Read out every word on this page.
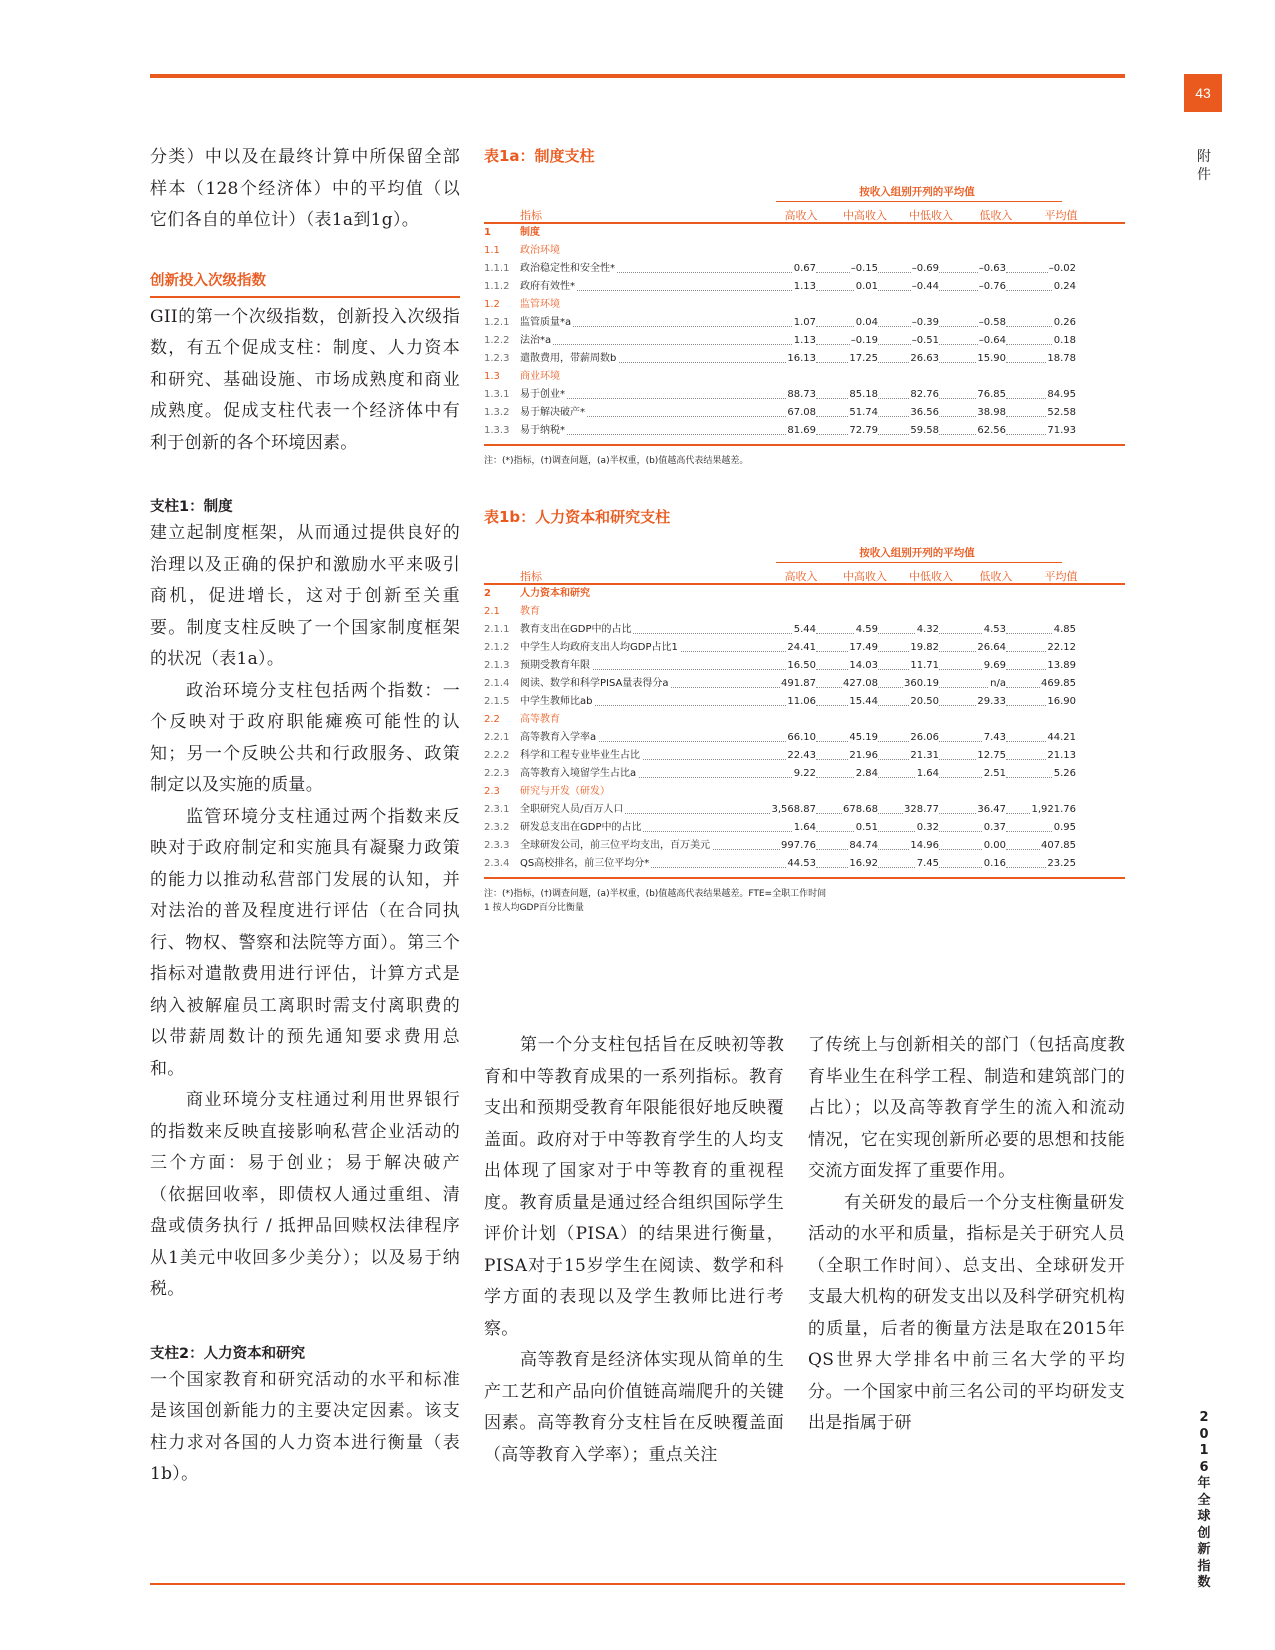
43
附
件

分类）中以及在最终计算中所保留全部样本（128个经济体）中的平均值（以它们各自的单位计）（表1a到1g）。

创新投入次级指数

GII的第一个次级指数，创新投入次级指数，有五个促成支柱：制度、人力资本和研究、基础设施、市场成熟度和商业成熟度。促成支柱代表一个经济体中有利于创新的各个环境因素。

支柱1：制度

建立起制度框架，从而通过提供良好的治理以及正确的保护和激励水平来吸引商机，促进增长，这对于创新至关重要。制度支柱反映了一个国家制度框架的状况（表1a）。

政治环境分支柱包括两个指数：一个反映对于政府职能瘫痪可能性的认知；另一个反映公共和行政服务、政策制定以及实施的质量。

监管环境分支柱通过两个指数来反映对于政府制定和实施具有凝聚力政策的能力以推动私营部门发展的认知，并对法治的普及程度进行评估（在合同执行、物权、警察和法院等方面）。第三个指标对遣散费用进行评估，计算方式是纳入被解雇员工离职时需支付离职费的以带薪周数计的预先通知要求费用总和。

商业环境分支柱通过利用世界银行的指数来反映直接影响私营企业活动的三个方面：易于创业；易于解决破产（依据回收率，即债权人通过重组、清盘或债务执行 / 抵押品回赎权法律程序从1美元中收回多少美分）；以及易于纳税。

支柱2：人力资本和研究

一个国家教育和研究活动的水平和标准是该国创新能力的主要决定因素。该支柱力求对各国的人力资本进行衡量（表1b）。

表1a：制度支柱
按收入组别开列的平均值
指标	高收入	中高收入	中低收入	低收入	平均值
1	制度
1.1	政治环境
1.1.1	政治稳定性和安全性*	0.67	–0.15	–0.69	–0.63	–0.02
1.1.2	政府有效性*	1.13	0.01	–0.44	–0.76	0.24
1.2	监管环境
1.2.1	监管质量*a	1.07	0.04	–0.39	–0.58	0.26
1.2.2	法治*a	1.13	–0.19	–0.51	–0.64	0.18
1.2.3	遣散费用，带薪周数b	16.13	17.25	26.63	15.90	18.78
1.3	商业环境
1.3.1	易于创业*	88.73	85.18	82.76	76.85	84.95
1.3.2	易于解决破产*	67.08	51.74	36.56	38.98	52.58
1.3.3	易于纳税*	81.69	72.79	59.58	62.56	71.93
注：(*)指标，(†)调查问题，(a)半权重，(b)值越高代表结果越差。
表1b：人力资本和研究支柱
按收入组别开列的平均值
指标	高收入	中高收入	中低收入	低收入	平均值
2	人力资本和研究
2.1	教育
2.1.1	教育支出在GDP中的占比	5.44	4.59	4.32	4.53	4.85
2.1.2	中学生人均政府支出人均GDP占比1	24.41	17.49	19.82	26.64	22.12
2.1.3	预期受教育年限	16.50	14.03	11.71	9.69	13.89
2.1.4	阅读、数学和科学PISA量表得分a	491.87	427.08	360.19	n/a	469.85
2.1.5	中学生教师比ab	11.06	15.44	20.50	29.33	16.90
2.2	高等教育
2.2.1	高等教育入学率a	66.10	45.19	26.06	7.43	44.21
2.2.2	科学和工程专业毕业生占比	22.43	21.96	21.31	12.75	21.13
2.2.3	高等教育入境留学生占比a	9.22	2.84	1.64	2.51	5.26
2.3	研究与开发（研发）
2.3.1	全职研究人员/百万人口	3,568.87	678.68	328.77	36.47	1,921.76
2.3.2	研发总支出在GDP中的占比	1.64	0.51	0.32	0.37	0.95
2.3.3	全球研发公司，前三位平均支出，百万美元	997.76	84.74	14.96	0.00	407.85
2.3.4	QS高校排名，前三位平均分*	44.53	16.92	7.45	0.16	23.25
注：(*)指标，(†)调查问题，(a)半权重，(b)值越高代表结果越差。FTE=全职工作时间
1 按人均GDP百分比衡量

第一个分支柱包括旨在反映初等教育和中等教育成果的一系列指标。教育支出和预期受教育年限能很好地反映覆盖面。政府对于中等教育学生的人均支出体现了国家对于中等教育的重视程度。教育质量是通过经合组织国际学生评价计划（PISA）的结果进行衡量，PISA对于15岁学生在阅读、数学和科学方面的表现以及学生教师比进行考察。

高等教育是经济体实现从简单的生产工艺和产品向价值链高端爬升的关键因素。高等教育分支柱旨在反映覆盖面（高等教育入学率）；重点关注

了传统上与创新相关的部门（包括高度教育毕业生在科学工程、制造和建筑部门的占比）；以及高等教育学生的流入和流动情况，它在实现创新所必要的思想和技能交流方面发挥了重要作用。

有关研发的最后一个分支柱衡量研发活动的水平和质量，指标是关于研究人员（全职工作时间）、总支出、全球研发开支最大机构的研发支出以及科学研究机构的质量，后者的衡量方法是取在2015年QS世界大学排名中前三名大学的平均分。一个国家中前三名公司的平均研发支出是指属于研	2
0
1
6
年
全
球
创
新
指
数
